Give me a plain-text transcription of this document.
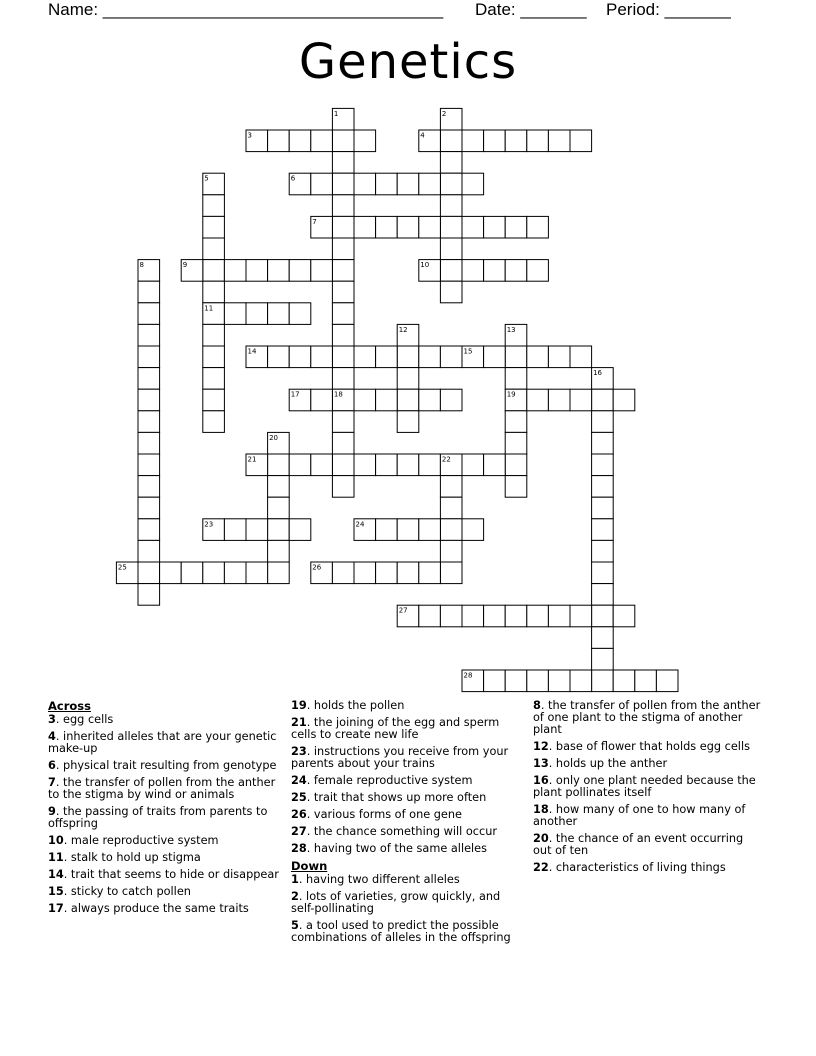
Name: ____________________________________ Date: _______ Period: _______
Genetics
1	2
3	4
5	6
7
8	9	10
11
12	13
14	15
16
17	18	19
20
21	22
23	24
25	26
27
28
Across
3. egg cells
4. inherited alleles that are your genetic make-up
6. physical trait resulting from genotype
7. the transfer of pollen from the anther to the stigma by wind or animals
9. the passing of traits from parents to offspring
10. male reproductive system
11. stalk to hold up stigma
14. trait that seems to hide or disappear
15. sticky to catch pollen
17. always produce the same traits
19. holds the pollen
21. the joining of the egg and sperm cells to create new life
23. instructions you receive from your parents about your trains
24. female reproductive system
25. trait that shows up more often
26. various forms of one gene
27. the chance something will occur
28. having two of the same alleles
Down
1. having two different alleles
2. lots of varieties, grow quickly, and self-pollinating
5. a tool used to predict the possible combinations of alleles in the offspring
8. the transfer of pollen from the anther of one plant to the stigma of another plant
12. base of flower that holds egg cells
13. holds up the anther
16. only one plant needed because the plant pollinates itself
18. how many of one to how many of another
20. the chance of an event occurring out of ten
22. characteristics of living things
